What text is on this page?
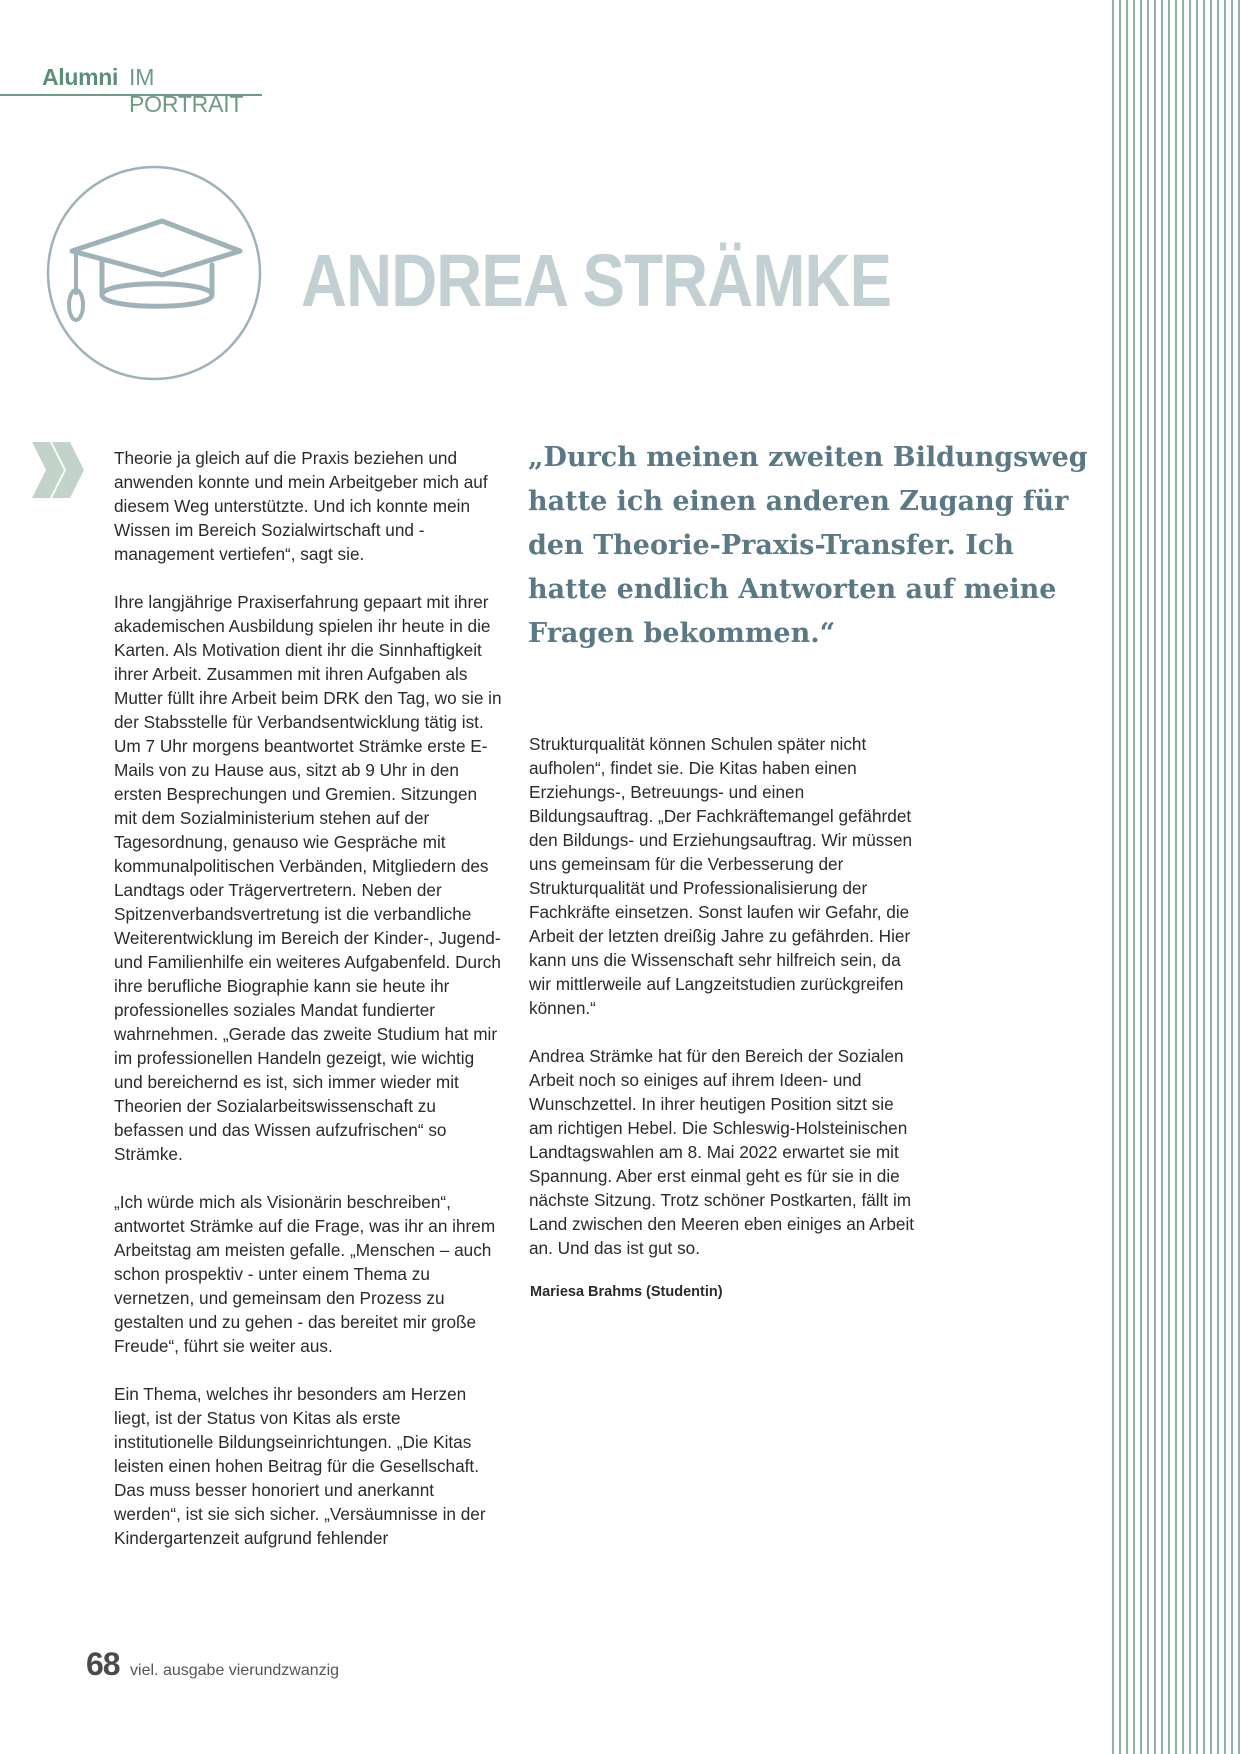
Alumni IM PORTRAIT
ANDREA STRÄMKE

Theorie ja gleich auf die Praxis beziehen und anwenden konnte und mein Arbeitgeber mich auf diesem Weg unterstützte. Und ich konnte mein Wissen im Bereich Sozialwirtschaft und -management vertiefen“, sagt sie.

Ihre langjährige Praxiserfahrung gepaart mit ihrer akademischen Ausbildung spielen ihr heute in die Karten. Als Motivation dient ihr die Sinnhaftigkeit ihrer Arbeit. Zusammen mit ihren Aufgaben als Mutter füllt ihre Arbeit beim DRK den Tag, wo sie in der Stabsstelle für Verbandsentwicklung tätig ist. Um 7 Uhr morgens beantwortet Strämke erste E-Mails von zu Hause aus, sitzt ab 9 Uhr in den ersten Besprechungen und Gremien. Sitzungen mit dem Sozialministerium stehen auf der Tagesordnung, genauso wie Gespräche mit kommunalpolitischen Verbänden, Mitgliedern des Landtags oder Trägervertretern. Neben der Spitzenverbandsvertretung ist die verbandliche Weiterentwicklung im Bereich der Kinder-, Jugend- und Familienhilfe ein weiteres Aufgabenfeld. Durch ihre berufliche Biographie kann sie heute ihr professionelles soziales Mandat fundierter wahrnehmen. „Gerade das zweite Studium hat mir im professionellen Handeln gezeigt, wie wichtig und bereichernd es ist, sich immer wieder mit Theorien der Sozialarbeitswissenschaft zu befassen und das Wissen aufzufrischen“ so Strämke.

„Ich würde mich als Visionärin beschreiben“, antwortet Strämke auf die Frage, was ihr an ihrem Arbeitstag am meisten gefalle. „Menschen – auch schon prospektiv - unter einem Thema zu vernetzen, und gemeinsam den Prozess zu gestalten und zu gehen - das bereitet mir große Freude“, führt sie weiter aus.

Ein Thema, welches ihr besonders am Herzen liegt, ist der Status von Kitas als erste institutionelle Bildungseinrichtungen. „Die Kitas leisten einen hohen Beitrag für die Gesellschaft. Das muss besser honoriert und anerkannt werden“, ist sie sich sicher. „Versäumnisse in der Kindergartenzeit aufgrund fehlender

„Durch meinen zweiten Bildungsweg hatte ich einen anderen Zugang für den Theorie-Praxis-Transfer. Ich hatte endlich Antworten auf meine Fragen bekommen.“

Strukturqualität können Schulen später nicht aufholen“, findet sie. Die Kitas haben einen Erziehungs-, Betreuungs- und einen Bildungsauftrag. „Der Fachkräftemangel gefährdet den Bildungs- und Erziehungsauftrag. Wir müssen uns gemeinsam für die Verbesserung der Strukturqualität und Professionalisierung der Fachkräfte einsetzen. Sonst laufen wir Gefahr, die Arbeit der letzten dreißig Jahre zu gefährden. Hier kann uns die Wissenschaft sehr hilfreich sein, da wir mittlerweile auf Langzeitstudien zurückgreifen können.“

Andrea Strämke hat für den Bereich der Sozialen Arbeit noch so einiges auf ihrem Ideen- und Wunschzettel. In ihrer heutigen Position sitzt sie am richtigen Hebel. Die Schleswig-Holsteinischen Landtagswahlen am 8. Mai 2022 erwartet sie mit Spannung. Aber erst einmal geht es für sie in die nächste Sitzung. Trotz schöner Postkarten, fällt im Land zwischen den Meeren eben einiges an Arbeit an. Und das ist gut so.

Mariesa Brahms (Studentin)
68 viel. ausgabe vierundzwanzig
